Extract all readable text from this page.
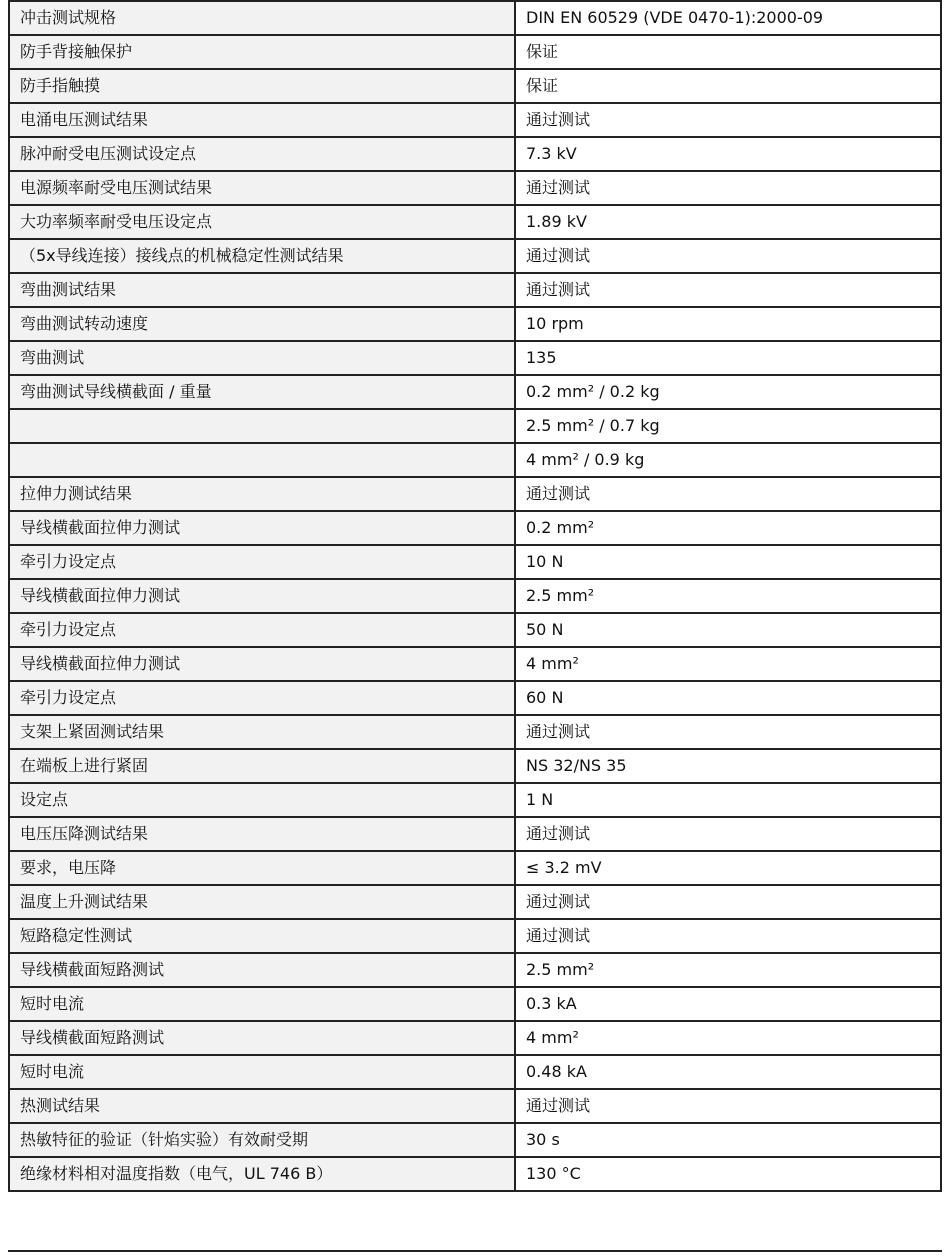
冲击测试规格	DIN EN 60529 (VDE 0470-1):2000-09
防手背接触保护	保证
防手指触摸	保证
电涌电压测试结果	通过测试
脉冲耐受电压测试设定点	7.3 kV
电源频率耐受电压测试结果	通过测试
大功率频率耐受电压设定点	1.89 kV
（5x导线连接）接线点的机械稳定性测试结果	通过测试
弯曲测试结果	通过测试
弯曲测试转动速度	10 rpm
弯曲测试	135
弯曲测试导线横截面 / 重量	0.2 mm² / 0.2 kg
	2.5 mm² / 0.7 kg
	4 mm² / 0.9 kg
拉伸力测试结果	通过测试
导线横截面拉伸力测试	0.2 mm²
牵引力设定点	10 N
导线横截面拉伸力测试	2.5 mm²
牵引力设定点	50 N
导线横截面拉伸力测试	4 mm²
牵引力设定点	60 N
支架上紧固测试结果	通过测试
在端板上进行紧固	NS 32/NS 35
设定点	1 N
电压压降测试结果	通过测试
要求，电压降	≤ 3.2 mV
温度上升测试结果	通过测试
短路稳定性测试	通过测试
导线横截面短路测试	2.5 mm²
短时电流	0.3 kA
导线横截面短路测试	4 mm²
短时电流	0.48 kA
热测试结果	通过测试
热敏特征的验证（针焰实验）有效耐受期	30 s
绝缘材料相对温度指数（电气，UL 746 B）	130 °C
